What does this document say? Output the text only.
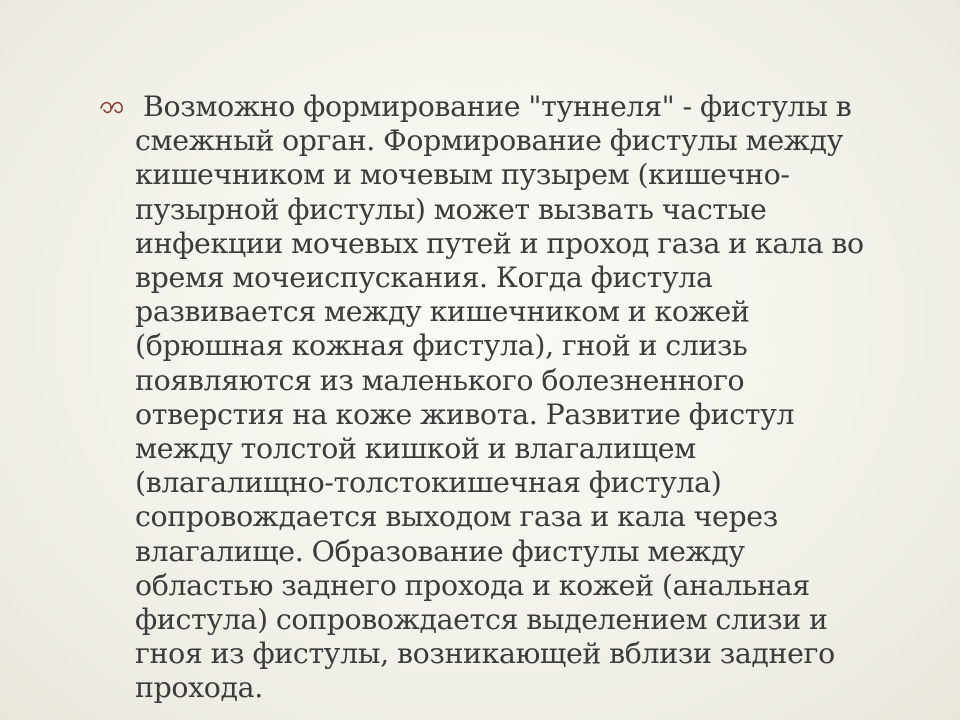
Возможно формирование "туннеля" - фистулы в смежный орган. Формирование фистулы между кишечником и мочевым пузырем (кишечно-пузырной фистулы) может вызвать частые инфекции мочевых путей и проход газа и кала во время мочеиспускания. Когда фистула развивается между кишечником и кожей (брюшная кожная фистула), гной и слизь появляются из маленького болезненного отверстия на коже живота. Развитие фистул между толстой кишкой и влагалищем (влагалищно-толстокишечная фистула) сопровождается выходом газа и кала через влагалище. Образование фистулы между областью заднего прохода и кожей (анальная фистула) сопровождается выделением слизи и гноя из фистулы, возникающей вблизи заднего прохода.
